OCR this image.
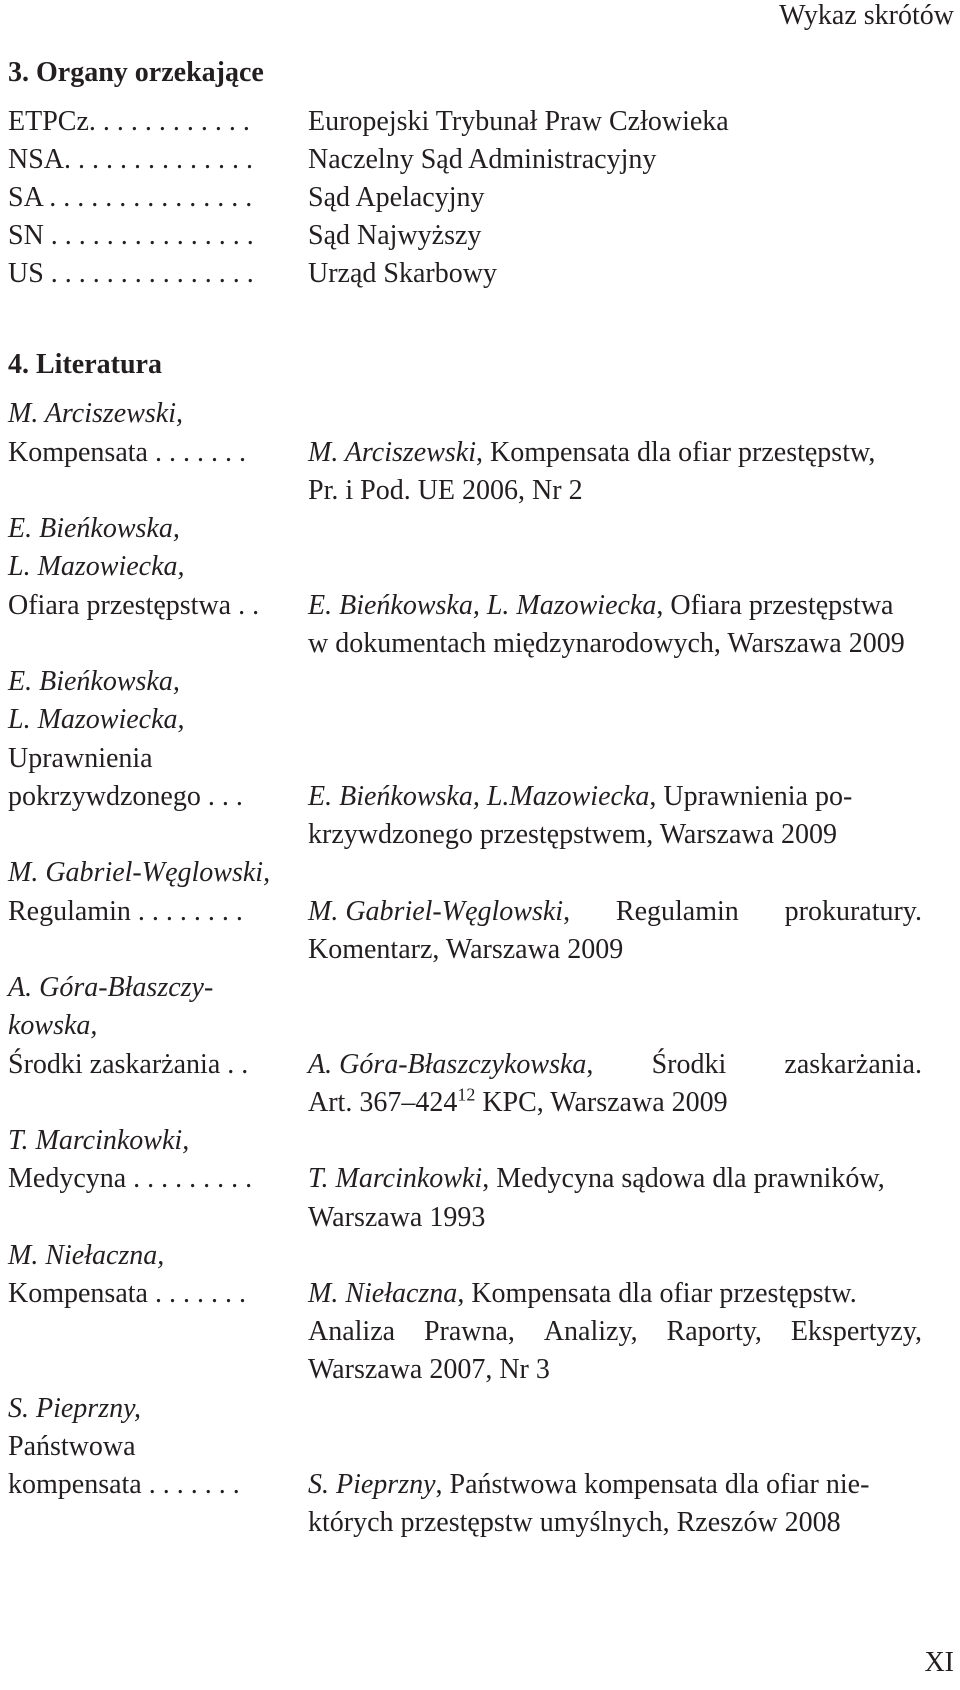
Wykaz skrótów
3. Organy orzekające
ETPCz. . . . . . . . . . . . Europejski Trybunał Praw Człowieka
NSA. . . . . . . . . . . . . . Naczelny Sąd Administracyjny
SA . . . . . . . . . . . . . . . Sąd Apelacyjny
SN . . . . . . . . . . . . . . . Sąd Najwyższy
US . . . . . . . . . . . . . . . Urząd Skarbowy
4. Literatura
M. Arciszewski,
Kompensata . . . . . . . M. Arciszewski, Kompensata dla ofiar przestępstw,
Pr. i Pod. UE 2006, Nr 2
E. Bieńkowska,
L. Mazowiecka,
Ofiara przestępstwa . . E. Bieńkowska, L. Mazowiecka, Ofiara przestępstwa
w dokumentach międzynarodowych, Warszawa 2009
E. Bieńkowska,
L. Mazowiecka,
Uprawnienia
pokrzywdzonego . . . E. Bieńkowska, L.Mazowiecka, Uprawnienia po-
krzywdzonego przestępstwem, Warszawa 2009
M. Gabriel-Węglowski,
Regulamin . . . . . . . . M. Gabriel-Węglowski, Regulamin prokuratury.
Komentarz, Warszawa 2009
A. Góra-Błaszczy-
kowska,
Środki zaskarżania . . A. Góra-Błaszczykowska, Środki zaskarżania.
Art. $367-424^{12}$ KPC, Warszawa 2009
T. Marcinkowki,
Medycyna . . . . . . . . . T. Marcinkowki, Medycyna sądowa dla prawników,
Warszawa 1993
M. Niełaczna,
Kompensata . . . . . . . M. Niełaczna, Kompensata dla ofiar przestępstw.
Analiza Prawna, Analizy, Raporty, Ekspertyzy,
Warszawa 2007, Nr 3
S. Pieprzny,
Państwowa
kompensata . . . . . . . S. Pieprzny, Państwowa kompensata dla ofiar nie-
których przestępstw umyślnych, Rzeszów 2008
XI
